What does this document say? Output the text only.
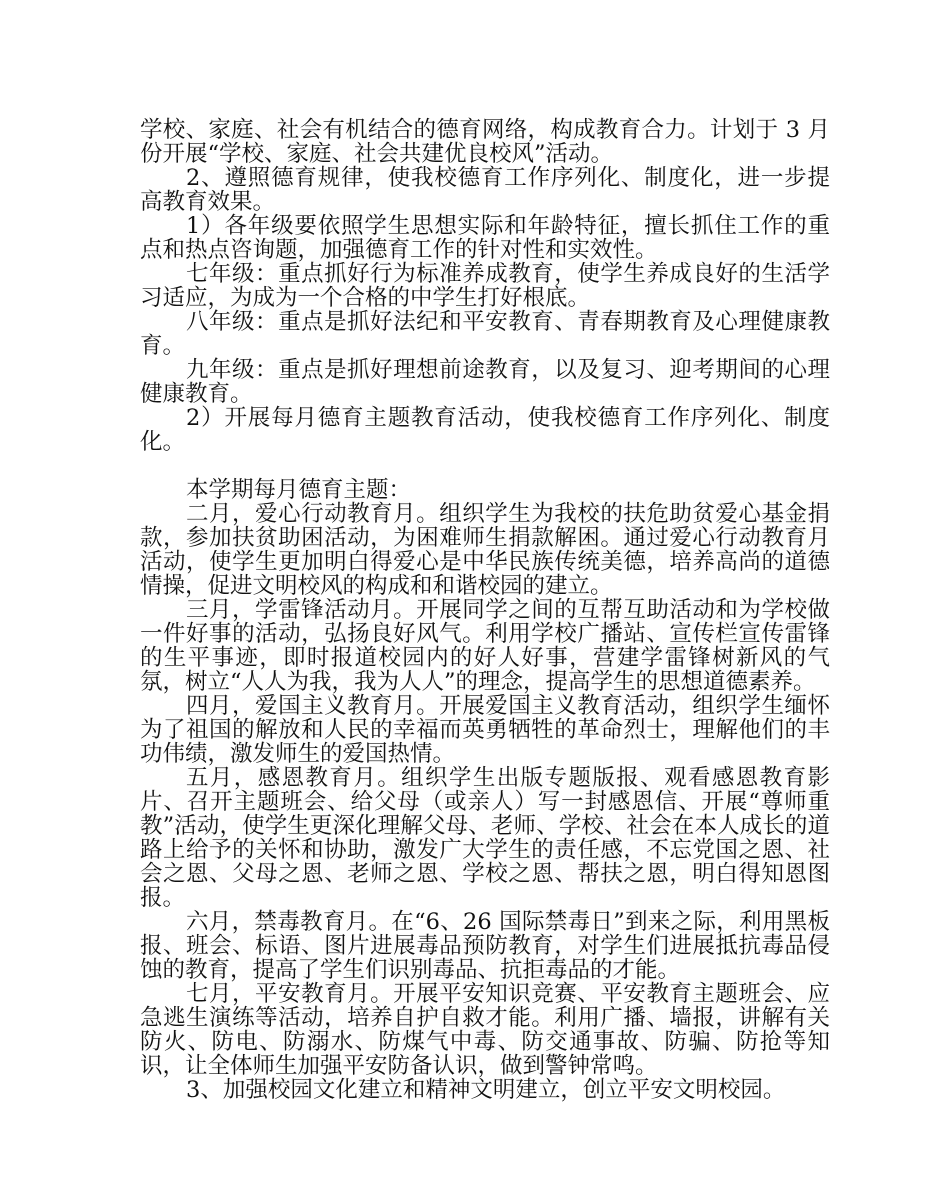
学校、家庭、社会有机结合的德育网络，构成教育合力。计划于 3 月份开展“学校、家庭、社会共建优良校风”活动。

2、遵照德育规律，使我校德育工作序列化、制度化，进一步提高教育效果。

1）各年级要依照学生思想实际和年龄特征，擅长抓住工作的重点和热点咨询题，加强德育工作的针对性和实效性。

七年级：重点抓好行为标准养成教育，使学生养成良好的生活学习适应，为成为一个合格的中学生打好根底。

八年级：重点是抓好法纪和平安教育、青春期教育及心理健康教育。

九年级：重点是抓好理想前途教育，以及复习、迎考期间的心理健康教育。

2）开展每月德育主题教育活动，使我校德育工作序列化、制度化。

本学期每月德育主题：

二月，爱心行动教育月。组织学生为我校的扶危助贫爱心基金捐款，参加扶贫助困活动，为困难师生捐款解困。通过爱心行动教育月活动，使学生更加明白得爱心是中华民族传统美德，培养高尚的道德情操，促进文明校风的构成和和谐校园的建立。

三月，学雷锋活动月。开展同学之间的互帮互助活动和为学校做一件好事的活动，弘扬良好风气。利用学校广播站、宣传栏宣传雷锋的生平事迹，即时报道校园内的好人好事，营建学雷锋树新风的气氛，树立“人人为我，我为人人”的理念，提高学生的思想道德素养。

四月，爱国主义教育月。开展爱国主义教育活动，组织学生缅怀为了祖国的解放和人民的幸福而英勇牺牲的革命烈士，理解他们的丰功伟绩，激发师生的爱国热情。

五月，感恩教育月。组织学生出版专题版报、观看感恩教育影片、召开主题班会、给父母（或亲人）写一封感恩信、开展“尊师重教”活动，使学生更深化理解父母、老师、学校、社会在本人成长的道路上给予的关怀和协助，激发广大学生的责任感，不忘党国之恩、社会之恩、父母之恩、老师之恩、学校之恩、帮扶之恩，明白得知恩图报。

六月，禁毒教育月。在“6、26 国际禁毒日”到来之际，利用黑板报、班会、标语、图片进展毒品预防教育，对学生们进展抵抗毒品侵蚀的教育，提高了学生们识别毒品、抗拒毒品的才能。

七月，平安教育月。开展平安知识竞赛、平安教育主题班会、应急逃生演练等活动，培养自护自救才能。利用广播、墙报，讲解有关防火、防电、防溺水、防煤气中毒、防交通事故、防骗、防抢等知识，让全体师生加强平安防备认识，做到警钟常鸣。

3、加强校园文化建立和精神文明建立，创立平安文明校园。
